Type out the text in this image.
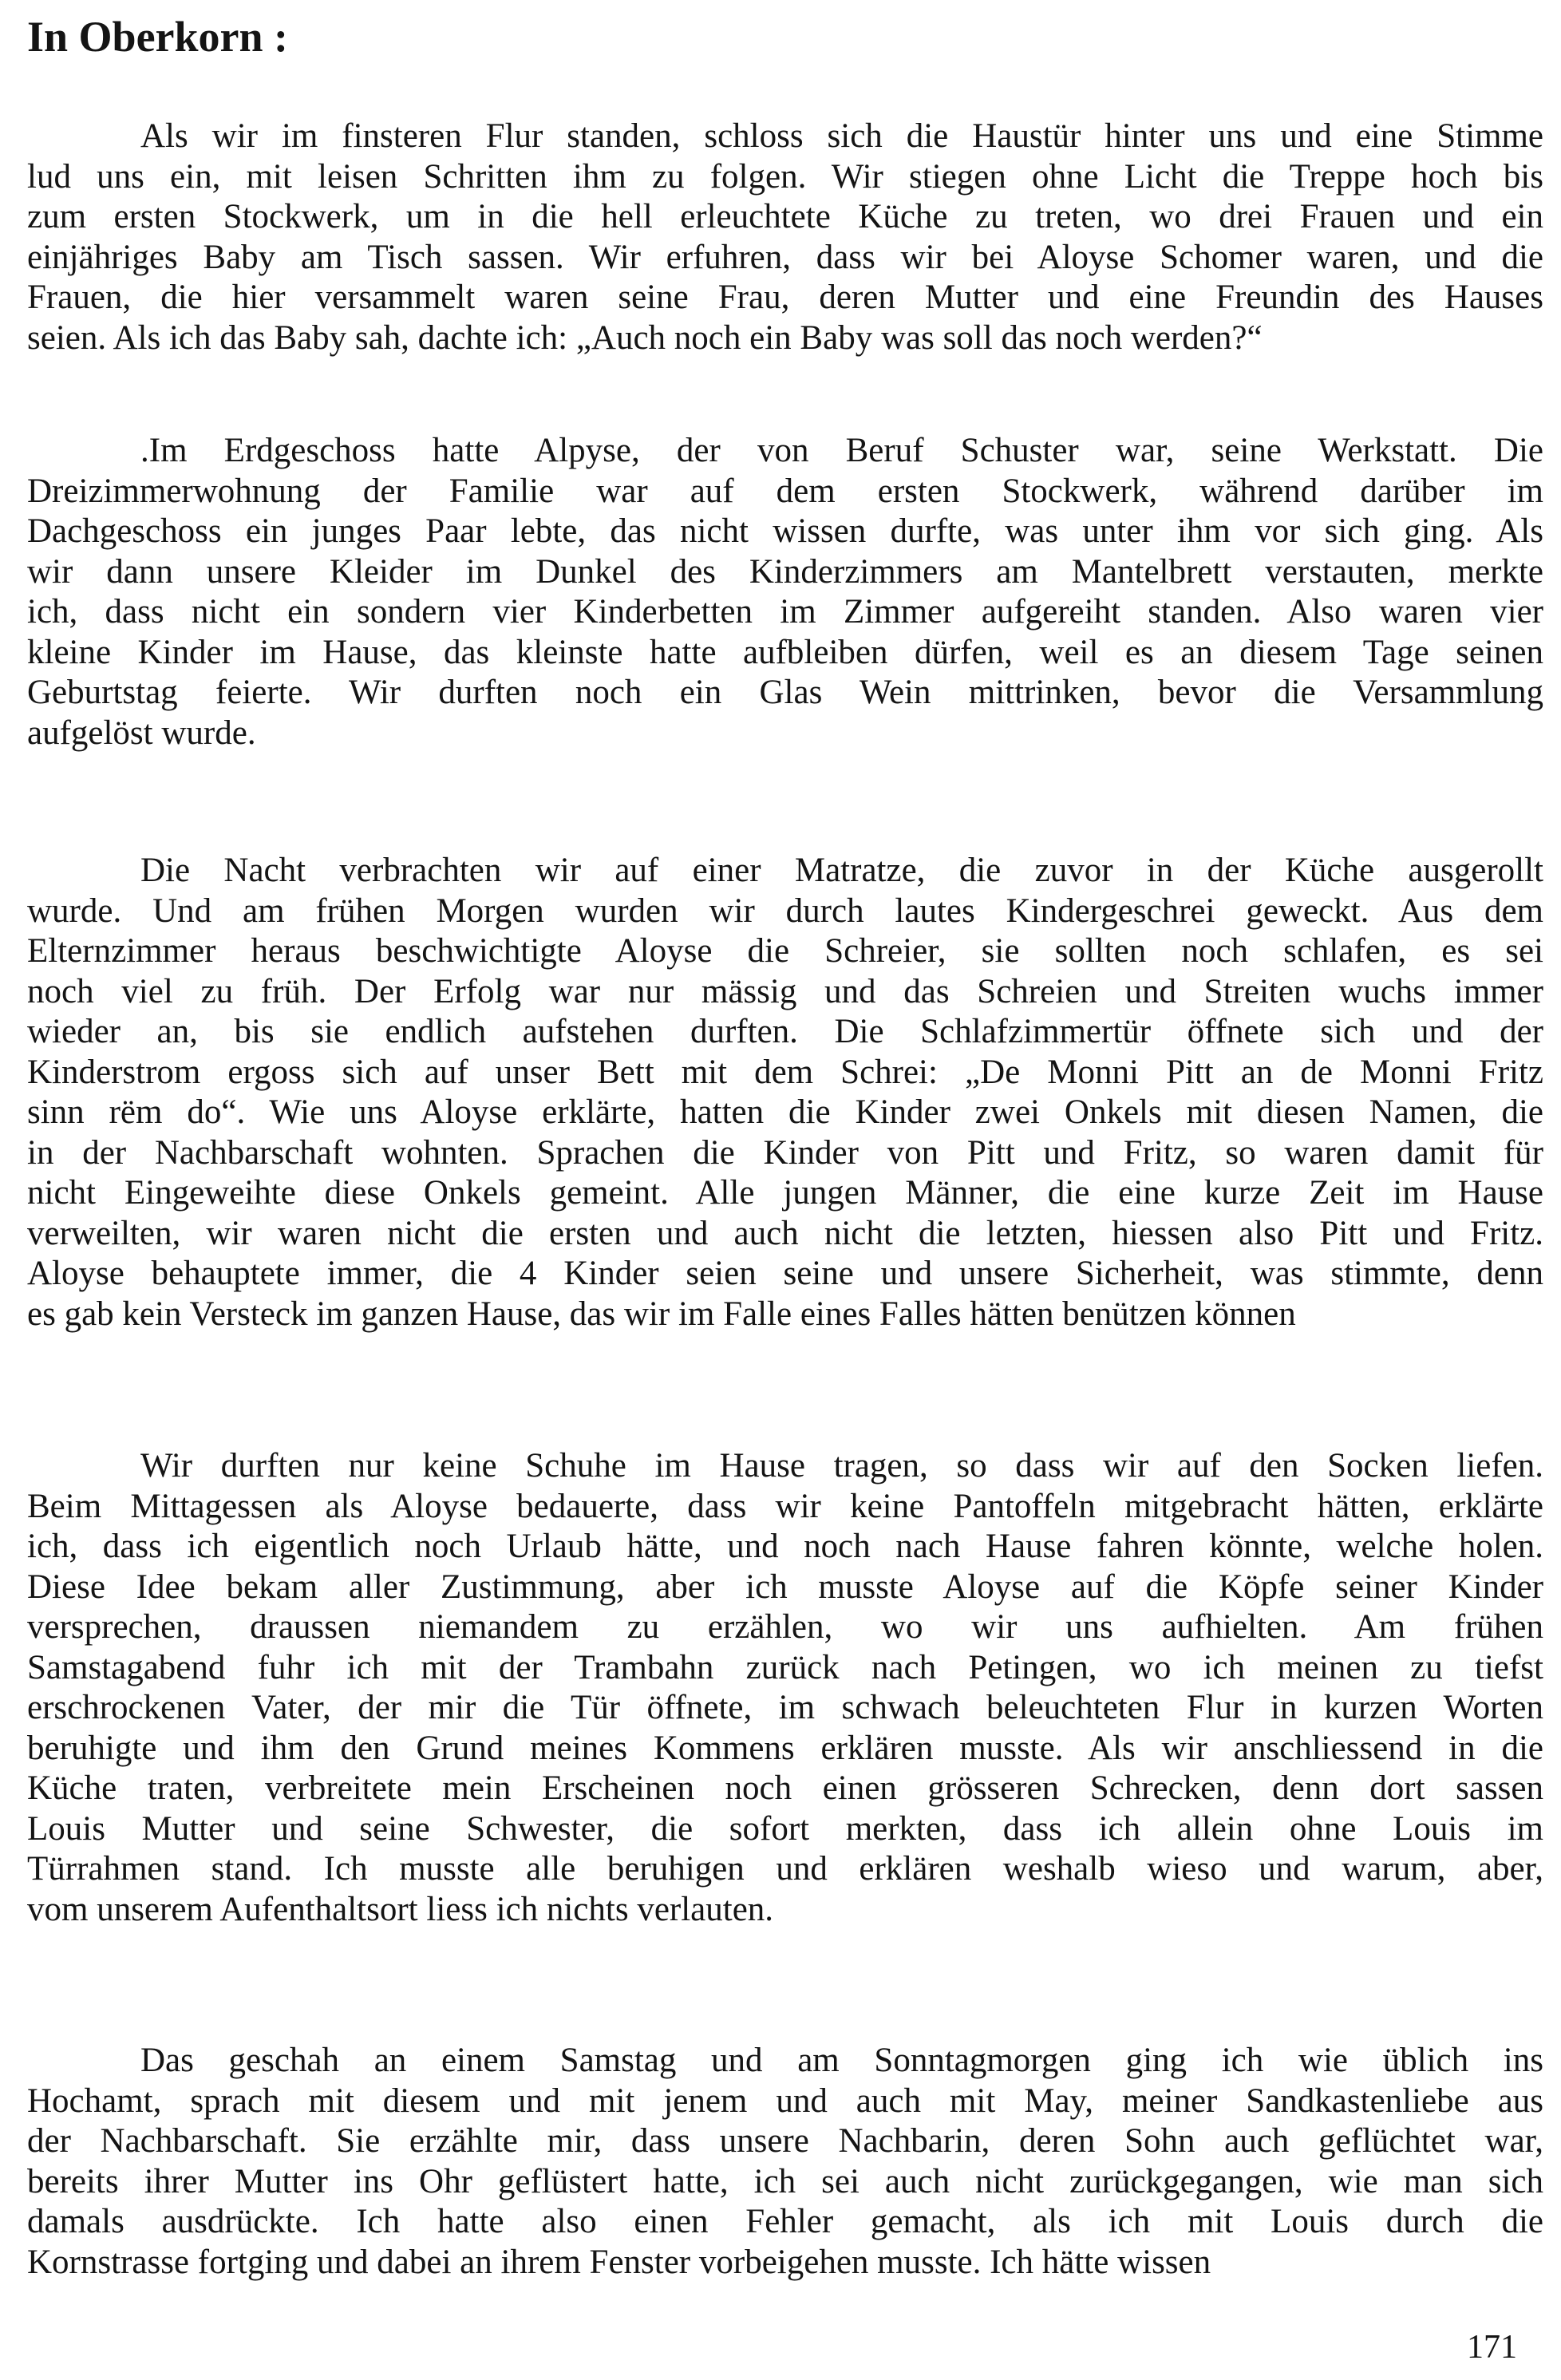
In Oberkorn :
Als wir im finsteren Flur standen, schloss sich die Haustür hinter uns und eine Stimme
lud uns ein, mit leisen Schritten ihm zu folgen. Wir stiegen ohne Licht die Treppe hoch bis
zum ersten Stockwerk, um in die hell erleuchtete Küche zu treten, wo drei Frauen und ein
einjähriges Baby am Tisch sassen. Wir erfuhren, dass wir bei Aloyse Schomer waren, und die
Frauen, die hier versammelt waren seine Frau, deren Mutter und eine Freundin des Hauses
seien. Als ich das Baby sah, dachte ich: „Auch noch ein Baby was soll das noch werden?“
.Im Erdgeschoss hatte Alpyse, der von Beruf Schuster war, seine Werkstatt. Die
Dreizimmerwohnung der Familie war auf dem ersten Stockwerk, während darüber im
Dachgeschoss ein junges Paar lebte, das nicht wissen durfte, was unter ihm vor sich ging. Als
wir dann unsere Kleider im Dunkel des Kinderzimmers am Mantelbrett verstauten, merkte
ich, dass nicht ein sondern vier Kinderbetten im Zimmer aufgereiht standen. Also waren vier
kleine Kinder im Hause, das kleinste hatte aufbleiben dürfen, weil es an diesem Tage seinen
Geburtstag feierte. Wir durften noch ein Glas Wein mittrinken, bevor die Versammlung
aufgelöst wurde.
Die Nacht verbrachten wir auf einer Matratze, die zuvor in der Küche ausgerollt
wurde. Und am frühen Morgen wurden wir durch lautes Kindergeschrei geweckt. Aus dem
Elternzimmer heraus beschwichtigte Aloyse die Schreier, sie sollten noch schlafen, es sei
noch viel zu früh. Der Erfolg war nur mässig und das Schreien und Streiten wuchs immer
wieder an, bis sie endlich aufstehen durften. Die Schlafzimmertür öffnete sich und der
Kinderstrom ergoss sich auf unser Bett mit dem Schrei: „De Monni Pitt an de Monni Fritz
sinn rëm do“. Wie uns Aloyse erklärte, hatten die Kinder zwei Onkels mit diesen Namen, die
in der Nachbarschaft wohnten. Sprachen die Kinder von Pitt und Fritz, so waren damit für
nicht Eingeweihte diese Onkels gemeint. Alle jungen Männer, die eine kurze Zeit im Hause
verweilten, wir waren nicht die ersten und auch nicht die letzten, hiessen also Pitt und Fritz.
Aloyse behauptete immer, die 4 Kinder seien seine und unsere Sicherheit, was stimmte, denn
es gab kein Versteck im ganzen Hause, das wir im Falle eines Falles hätten benützen können
Wir durften nur keine Schuhe im Hause tragen, so dass wir auf den Socken liefen.
Beim Mittagessen als Aloyse bedauerte, dass wir keine Pantoffeln mitgebracht hätten, erklärte
ich, dass ich eigentlich noch Urlaub hätte, und noch nach Hause fahren könnte, welche holen.
Diese Idee bekam aller Zustimmung, aber ich musste Aloyse auf die Köpfe seiner Kinder
versprechen, draussen niemandem zu erzählen, wo wir uns aufhielten. Am frühen
Samstagabend fuhr ich mit der Trambahn zurück nach Petingen, wo ich meinen zu tiefst
erschrockenen Vater, der mir die Tür öffnete, im schwach beleuchteten Flur in kurzen Worten
beruhigte und ihm den Grund meines Kommens erklären musste. Als wir anschliessend in die
Küche traten, verbreitete mein Erscheinen noch einen grösseren Schrecken, denn dort sassen
Louis Mutter und seine Schwester, die sofort merkten, dass ich allein ohne Louis im
Türrahmen stand. Ich musste alle beruhigen und erklären weshalb wieso und warum, aber,
vom unserem Aufenthaltsort liess ich nichts verlauten.
Das geschah an einem Samstag und am Sonntagmorgen ging ich wie üblich ins
Hochamt, sprach mit diesem und mit jenem und auch mit May, meiner Sandkastenliebe aus
der Nachbarschaft. Sie erzählte mir, dass unsere Nachbarin, deren Sohn auch geflüchtet war,
bereits ihrer Mutter ins Ohr geflüstert hatte, ich sei auch nicht zurückgegangen, wie man sich
damals ausdrückte. Ich hatte also einen Fehler gemacht, als ich mit Louis durch die
Kornstrasse fortging und dabei an ihrem Fenster vorbeigehen musste. Ich hätte wissen
171
